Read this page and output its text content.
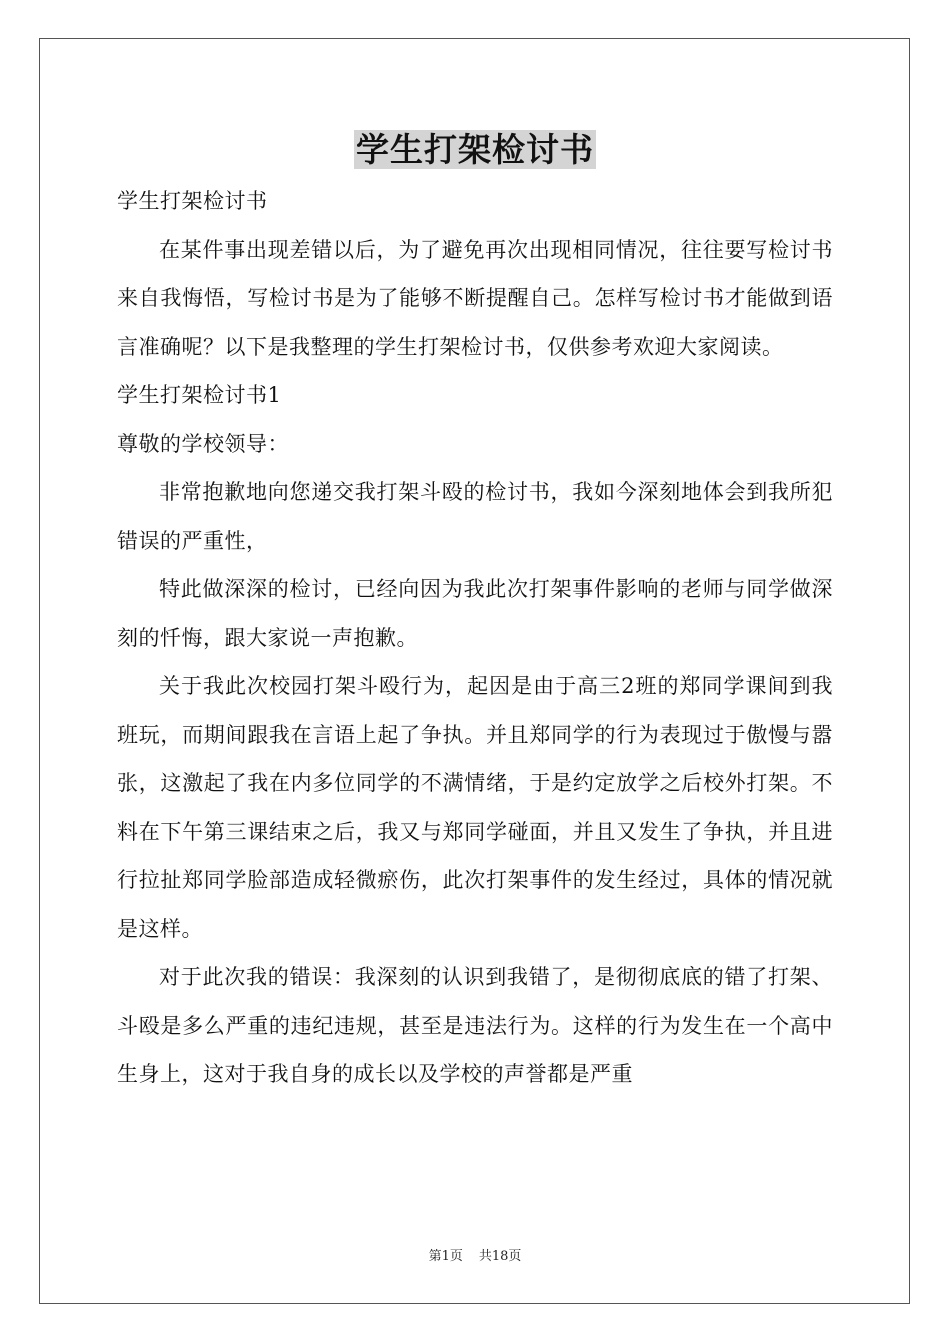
学生打架检讨书

学生打架检讨书

在某件事出现差错以后，为了避免再次出现相同情况，往往要写检讨书来自我悔悟，写检讨书是为了能够不断提醒自己。怎样写检讨书才能做到语言准确呢？以下是我整理的学生打架检讨书，仅供参考欢迎大家阅读。

学生打架检讨书1

尊敬的学校领导：

非常抱歉地向您递交我打架斗殴的检讨书，我如今深刻地体会到我所犯错误的严重性，

特此做深深的检讨，已经向因为我此次打架事件影响的老师与同学做深刻的忏悔，跟大家说一声抱歉。

关于我此次校园打架斗殴行为，起因是由于高三2班的郑同学课间到我班玩，而期间跟我在言语上起了争执。并且郑同学的行为表现过于傲慢与嚣张，这激起了我在内多位同学的不满情绪，于是约定放学之后校外打架。不料在下午第三课结束之后，我又与郑同学碰面，并且又发生了争执，并且进行拉扯郑同学脸部造成轻微瘀伤，此次打架事件的发生经过，具体的情况就是这样。

对于此次我的错误：我深刻的认识到我错了，是彻彻底底的错了打架、斗殴是多么严重的违纪违规，甚至是违法行为。这样的行为发生在一个高中生身上，这对于我自身的成长以及学校的声誉都是严重

第1页 共18页
